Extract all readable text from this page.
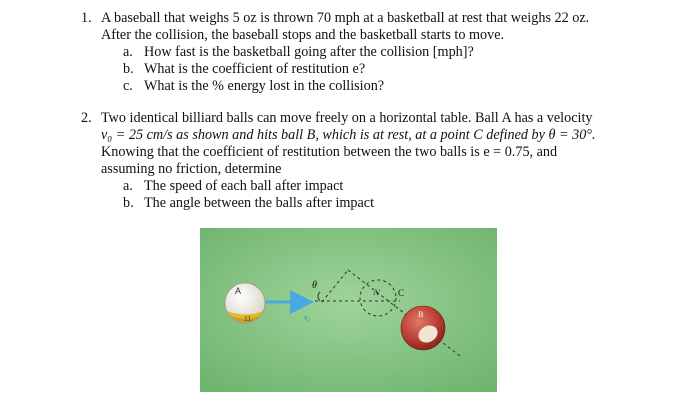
1. A baseball that weighs 5 oz is thrown 70 mph at a basketball at rest that weighs 22 oz.
After the collision, the baseball stops and the basketball starts to move.
a. How fast is the basketball going after the collision [mph]?
b. What is the coefficient of restitution e?
c. What is the % energy lost in the collision?
2. Two identical billiard balls can move freely on a horizontal table. Ball A has a velocity
v₀ = 25 cm/s as shown and hits ball B, which is at rest, at a point C defined by θ = 30°.
Knowing that the coefficient of restitution between the two balls is e = 0.75, and
assuming no friction, determine
a. The speed of each ball after impact
b. The angle between the balls after impact
A
11
B
C
A'
v₀
θ
